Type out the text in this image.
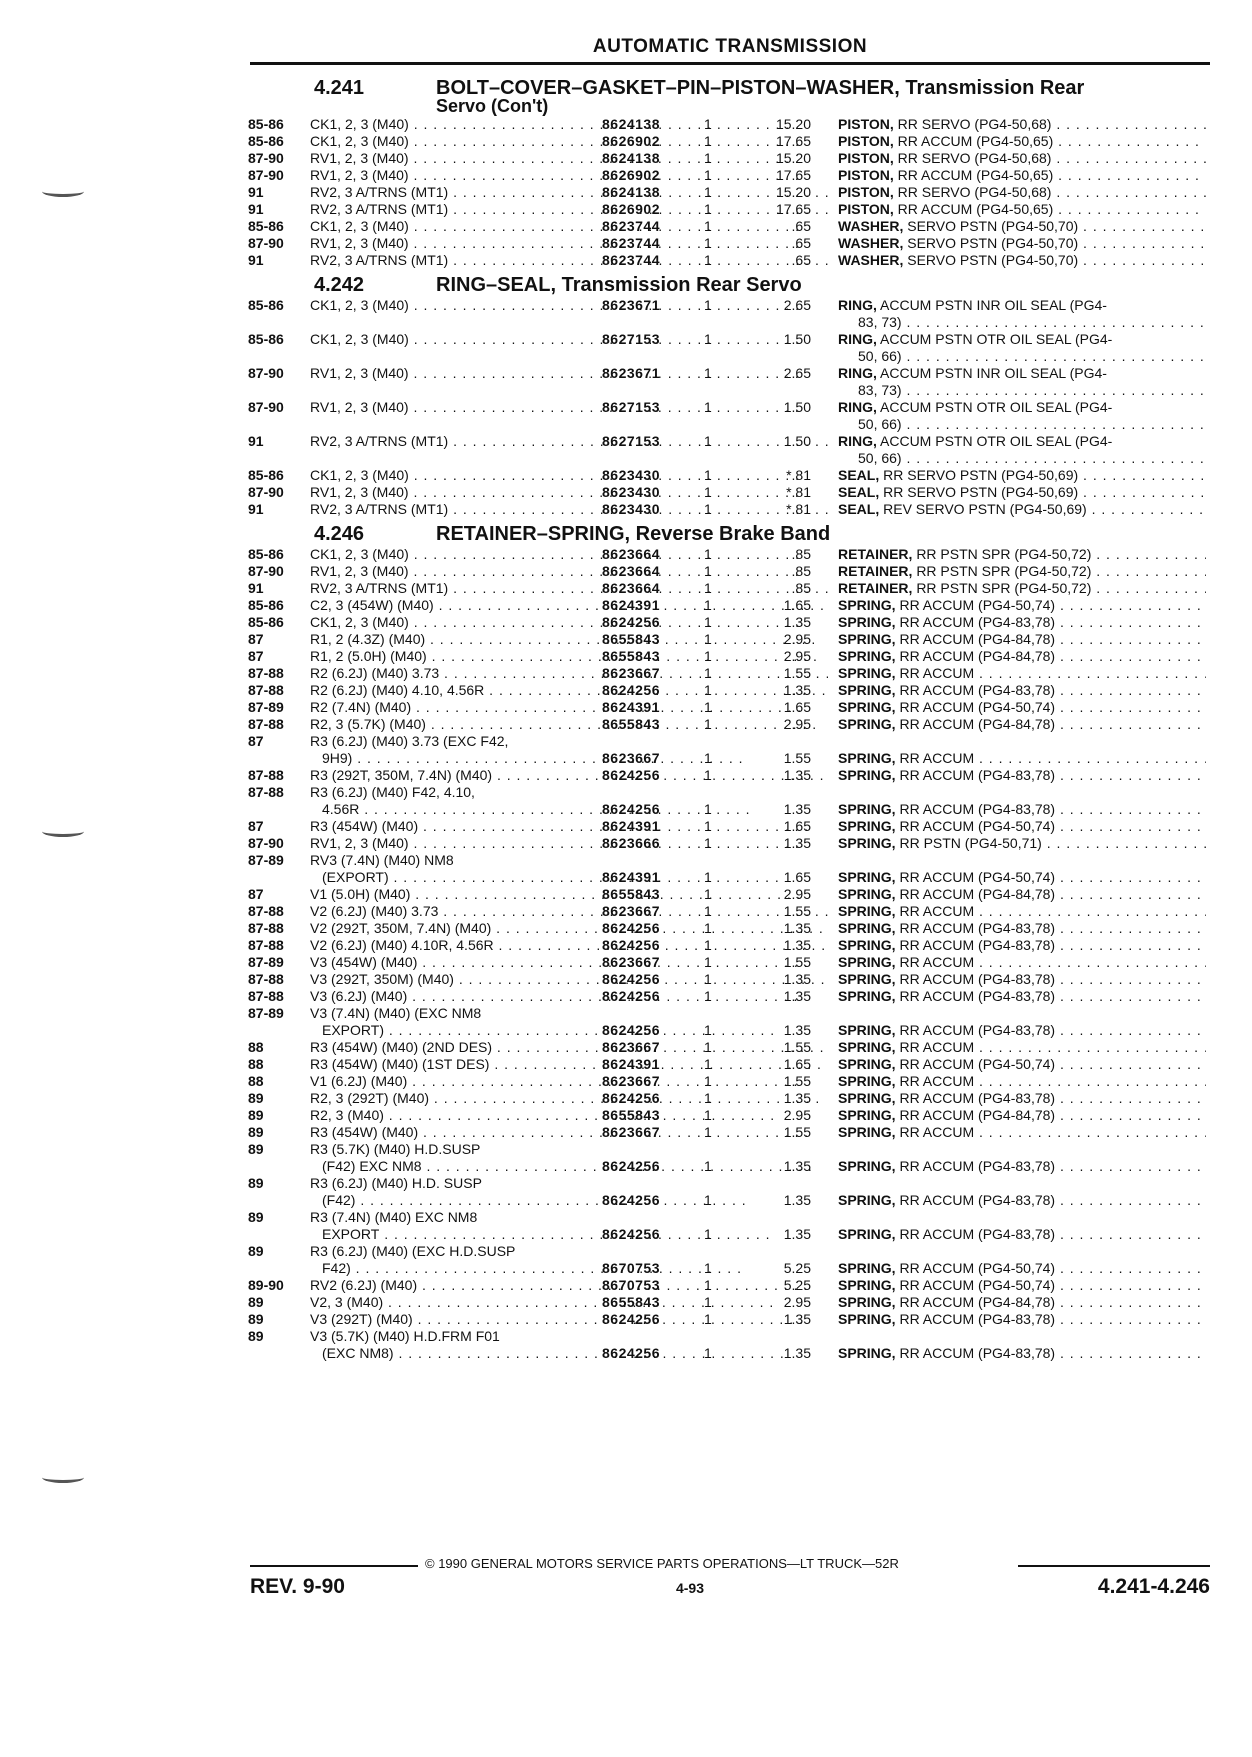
AUTOMATIC TRANSMISSION
4.241	BOLT–COVER–GASKET–PIN–PISTON–WASHER, Transmission Rear
Servo (Con't)
85-86 CK1, 2, 3 (M40) . . .	8624138	1	15.20 PISTON, RR SERVO (PG4-50,68) . . .
85-86 CK1, 2, 3 (M40) . . .	8626902	1	17.65 PISTON, RR ACCUM (PG4-50,65) . . .
87-90 RV1, 2, 3 (M40) . . .	8624138	1	15.20 PISTON, RR SERVO (PG4-50,68) . . .
87-90 RV1, 2, 3 (M40) . . .	8626902	1	17.65 PISTON, RR ACCUM (PG4-50,65) . . .
91	RV2, 3 A/TRNS (MT1) . . .	8624138	1	15.20 PISTON, RR SERVO (PG4-50,68) . . .
91	RV2, 3 A/TRNS (MT1) . . .	8626902	1	17.65 PISTON, RR ACCUM (PG4-50,65) . . .
85-86 CK1, 2, 3 (M40) . . .	8623744	1	.65 WASHER, SERVO PSTN (PG4-50,70) . . .
87-90 RV1, 2, 3 (M40) . . .	8623744	1	.65 WASHER, SERVO PSTN (PG4-50,70) . . .
91	RV2, 3 A/TRNS (MT1) . . .	8623744	1	.65 WASHER, SERVO PSTN (PG4-50,70) . . .
4.242	RING–SEAL, Transmission Rear Servo
85-86 CK1, 2, 3 (M40) . . .	8623671	1	2.65 RING, ACCUM PSTN INR OIL SEAL (PG4-
83, 73) . . .
85-86 CK1, 2, 3 (M40) . . .	8627153	1	1.50 RING, ACCUM PSTN OTR OIL SEAL (PG4-
50, 66) . . .
87-90 RV1, 2, 3 (M40) . . .	8623671	1	2.65 RING, ACCUM PSTN INR OIL SEAL (PG4-
83, 73) . . .
87-90 RV1, 2, 3 (M40) . . .	8627153	1	1.50 RING, ACCUM PSTN OTR OIL SEAL (PG4-
50, 66) . . .
91	RV2, 3 A/TRNS (MT1) . . .	8627153	1	1.50 RING, ACCUM PSTN OTR OIL SEAL (PG4-
50, 66) . . .
85-86 CK1, 2, 3 (M40) . . .	8623430	1	*.81 SEAL, RR SERVO PSTN (PG4-50,69) . . .
87-90 RV1, 2, 3 (M40) . . .	8623430	1	*.81 SEAL, RR SERVO PSTN (PG4-50,69) . . .
91	RV2, 3 A/TRNS (MT1) . . .	8623430	1	*.81 SEAL, REV SERVO PSTN (PG4-50,69) . . .
4.246	RETAINER–SPRING, Reverse Brake Band
85-86 CK1, 2, 3 (M40) . . .	8623664	1	.85 RETAINER, RR PSTN SPR (PG4-50,72) . . .
87-90 RV1, 2, 3 (M40) . . .	8623664	1	.85 RETAINER, RR PSTN SPR (PG4-50,72) . . .
91	RV2, 3 A/TRNS (MT1) . . .	8623664	1	.85 RETAINER, RR PSTN SPR (PG4-50,72) . . .
85-86 C2, 3 (454W) (M40) . . .	8624391	1	1.65 SPRING, RR ACCUM (PG4-50,74) . . .
85-86 CK1, 2, 3 (M40) . . .	8624256	1	1.35 SPRING, RR ACCUM (PG4-83,78) . . .
87	R1, 2 (4.3Z) (M40) . . .	8655843	1	2.95 SPRING, RR ACCUM (PG4-84,78) . . .
87	R1, 2 (5.0H) (M40) . . .	8655843	1	2.95 SPRING, RR ACCUM (PG4-84,78) . . .
87-88 R2 (6.2J) (M40) 3.73 . . .	8623667	1	1.55 SPRING, RR ACCUM . . .
87-88 R2 (6.2J) (M40) 4.10, 4.56R . . .	8624256	1	1.35 SPRING, RR ACCUM (PG4-83,78) . . .
87-89 R2 (7.4N) (M40) . . .	8624391	1	1.65 SPRING, RR ACCUM (PG4-50,74) . . .
87-88 R2, 3 (5.7K) (M40) . . .	8655843	1	2.95 SPRING, RR ACCUM (PG4-84,78) . . .
87	R3 (6.2J) (M40) 3.73 (EXC F42,
9H9) . . .	8623667	1	1.55 SPRING, RR ACCUM . . .
87-88 R3 (292T, 350M, 7.4N) (M40) . . .	8624256	1	1.35 SPRING, RR ACCUM (PG4-83,78) . . .
87-88 R3 (6.2J) (M40) F42, 4.10,
4.56R . . .	8624256	1	1.35 SPRING, RR ACCUM (PG4-83,78) . . .
87	R3 (454W) (M40) . . .	8624391	1	1.65 SPRING, RR ACCUM (PG4-50,74) . . .
87-90 RV1, 2, 3 (M40) . . .	8623666	1	1.35 SPRING, RR PSTN (PG4-50,71) . . .
87-89 RV3 (7.4N) (M40) NM8
(EXPORT) . . .	8624391	1	1.65 SPRING, RR ACCUM (PG4-50,74) . . .
87	V1 (5.0H) (M40) . . .	8655843	1	2.95 SPRING, RR ACCUM (PG4-84,78) . . .
87-88 V2 (6.2J) (M40) 3.73 . . .	8623667	1	1.55 SPRING, RR ACCUM . . .
87-88 V2 (292T, 350M, 7.4N) (M40) . . .	8624256	1	1.35 SPRING, RR ACCUM (PG4-83,78) . . .
87-88 V2 (6.2J) (M40) 4.10R, 4.56R . . .	8624256	1	1.35 SPRING, RR ACCUM (PG4-83,78) . . .
87-89 V3 (454W) (M40) . . .	8623667	1	1.55 SPRING, RR ACCUM . . .
87-88 V3 (292T, 350M) (M40) . . .	8624256	1	1.35 SPRING, RR ACCUM (PG4-83,78) . . .
87-88 V3 (6.2J) (M40) . . .	8624256	1	1.35 SPRING, RR ACCUM (PG4-83,78) . . .
87-89 V3 (7.4N) (M40) (EXC NM8
EXPORT) . . .	8624256	1	1.35 SPRING, RR ACCUM (PG4-83,78) . . .
88	R3 (454W) (M40) (2ND DES) . . .	8623667	1	1.55 SPRING, RR ACCUM . . .
88	R3 (454W) (M40) (1ST DES) . . .	8624391	1	1.65 SPRING, RR ACCUM (PG4-50,74) . . .
88	V1 (6.2J) (M40) . . .	8623667	1	1.55 SPRING, RR ACCUM . . .
89	R2, 3 (292T) (M40) . . .	8624256	1	1.35 SPRING, RR ACCUM (PG4-83,78) . . .
89	R2, 3 (M40) . . .	8655843	1	2.95 SPRING, RR ACCUM (PG4-84,78) . . .
89	R3 (454W) (M40) . . .	8623667	1	1.55 SPRING, RR ACCUM . . .
89	R3 (5.7K) (M40) H.D.SUSP
(F42) EXC NM8 . . .	8624256	1	1.35 SPRING, RR ACCUM (PG4-83,78) . . .
89	R3 (6.2J) (M40) H.D. SUSP
(F42) . . .	8624256	1	1.35 SPRING, RR ACCUM (PG4-83,78) . . .
89	R3 (7.4N) (M40) EXC NM8
EXPORT . . .	8624256	1	1.35 SPRING, RR ACCUM (PG4-83,78) . . .
89	R3 (6.2J) (M40) (EXC H.D.SUSP
F42) . . .	8670753	1	5.25 SPRING, RR ACCUM (PG4-50,74) . . .
89-90 RV2 (6.2J) (M40) . . .	8670753	1	5.25 SPRING, RR ACCUM (PG4-50,74) . . .
89	V2, 3 (M40) . . .	8655843	1	2.95 SPRING, RR ACCUM (PG4-84,78) . . .
89	V3 (292T) (M40) . . .	8624256	1	1.35 SPRING, RR ACCUM (PG4-83,78) . . .
89	V3 (5.7K) (M40) H.D.FRM F01
(EXC NM8) . . .	8624256	1	1.35 SPRING, RR ACCUM (PG4-83,78) . . .
© 1990 GENERAL MOTORS SERVICE PARTS OPERATIONS—LT TRUCK—52R
REV. 9-90	4-93	4.241-4.246
